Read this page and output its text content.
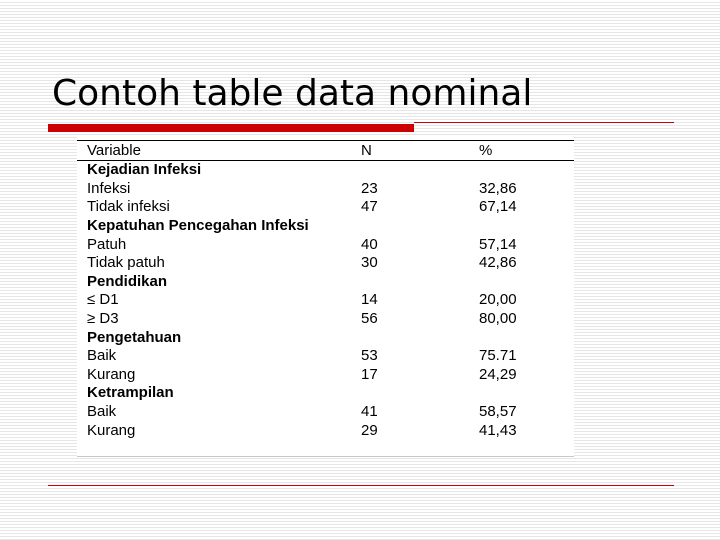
Contoh table data nominal
Variable	N	%
Kejadian Infeksi		
Infeksi	23	32,86
Tidak infeksi	47	67,14
Kepatuhan Pencegahan Infeksi		
Patuh	40	57,14
Tidak patuh	30	42,86
Pendidikan		
≤ D1	14	20,00
≥ D3	56	80,00
Pengetahuan		
Baik	53	75.71
Kurang	17	24,29
Ketrampilan		
Baik	41	58,57
Kurang	29	41,43
